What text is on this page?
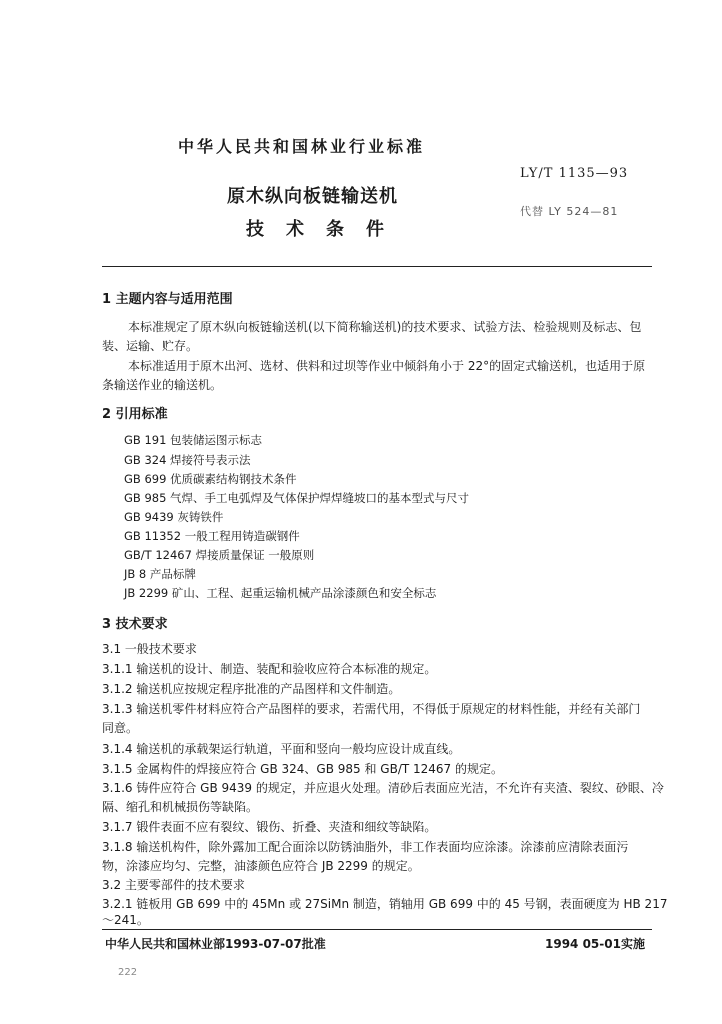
中华人民共和国林业行业标准
LY/T 1135—93
代替 LY 524—81
原木纵向板链输送机
技术条件
1 主题内容与适用范围
本标准规定了原木纵向板链输送机(以下简称输送机)的技术要求、试验方法、检验规则及标志、包
装、运输、贮存。
本标准适用于原木出河、选材、供料和过坝等作业中倾斜角小于 22°的固定式输送机，也适用于原
条输送作业的输送机。
2 引用标准
GB 191 包装储运图示标志
GB 324 焊接符号表示法
GB 699 优质碳素结构钢技术条件
GB 985 气焊、手工电弧焊及气体保护焊焊缝坡口的基本型式与尺寸
GB 9439 灰铸铁件
GB 11352 一般工程用铸造碳钢件
GB/T 12467 焊接质量保证 一般原则
JB 8 产品标牌
JB 2299 矿山、工程、起重运输机械产品涂漆颜色和安全标志
3 技术要求
3.1 一般技术要求
3.1.1 输送机的设计、制造、装配和验收应符合本标准的规定。
3.1.2 输送机应按规定程序批准的产品图样和文件制造。
3.1.3 输送机零件材料应符合产品图样的要求，若需代用，不得低于原规定的材料性能，并经有关部门
同意。
3.1.4 输送机的承载架运行轨道，平面和竖向一般均应设计成直线。
3.1.5 金属构件的焊接应符合 GB 324、GB 985 和 GB/T 12467 的规定。
3.1.6 铸件应符合 GB 9439 的规定，并应退火处理。清砂后表面应光洁，不允许有夹渣、裂纹、砂眼、冷
隔、缩孔和机械损伤等缺陷。
3.1.7 锻件表面不应有裂纹、锻伤、折叠、夹渣和细纹等缺陷。
3.1.8 输送机构件，除外露加工配合面涂以防锈油脂外，非工作表面均应涂漆。涂漆前应清除表面污
物，涂漆应均匀、完整，油漆颜色应符合 JB 2299 的规定。
3.2 主要零部件的技术要求
3.2.1 链板用 GB 699 中的 45Mn 或 27SiMn 制造，销轴用 GB 699 中的 45 号钢，表面硬度为 HB 217
～241。
中华人民共和国林业部1993-07-07批准	1994 05-01实施
222
